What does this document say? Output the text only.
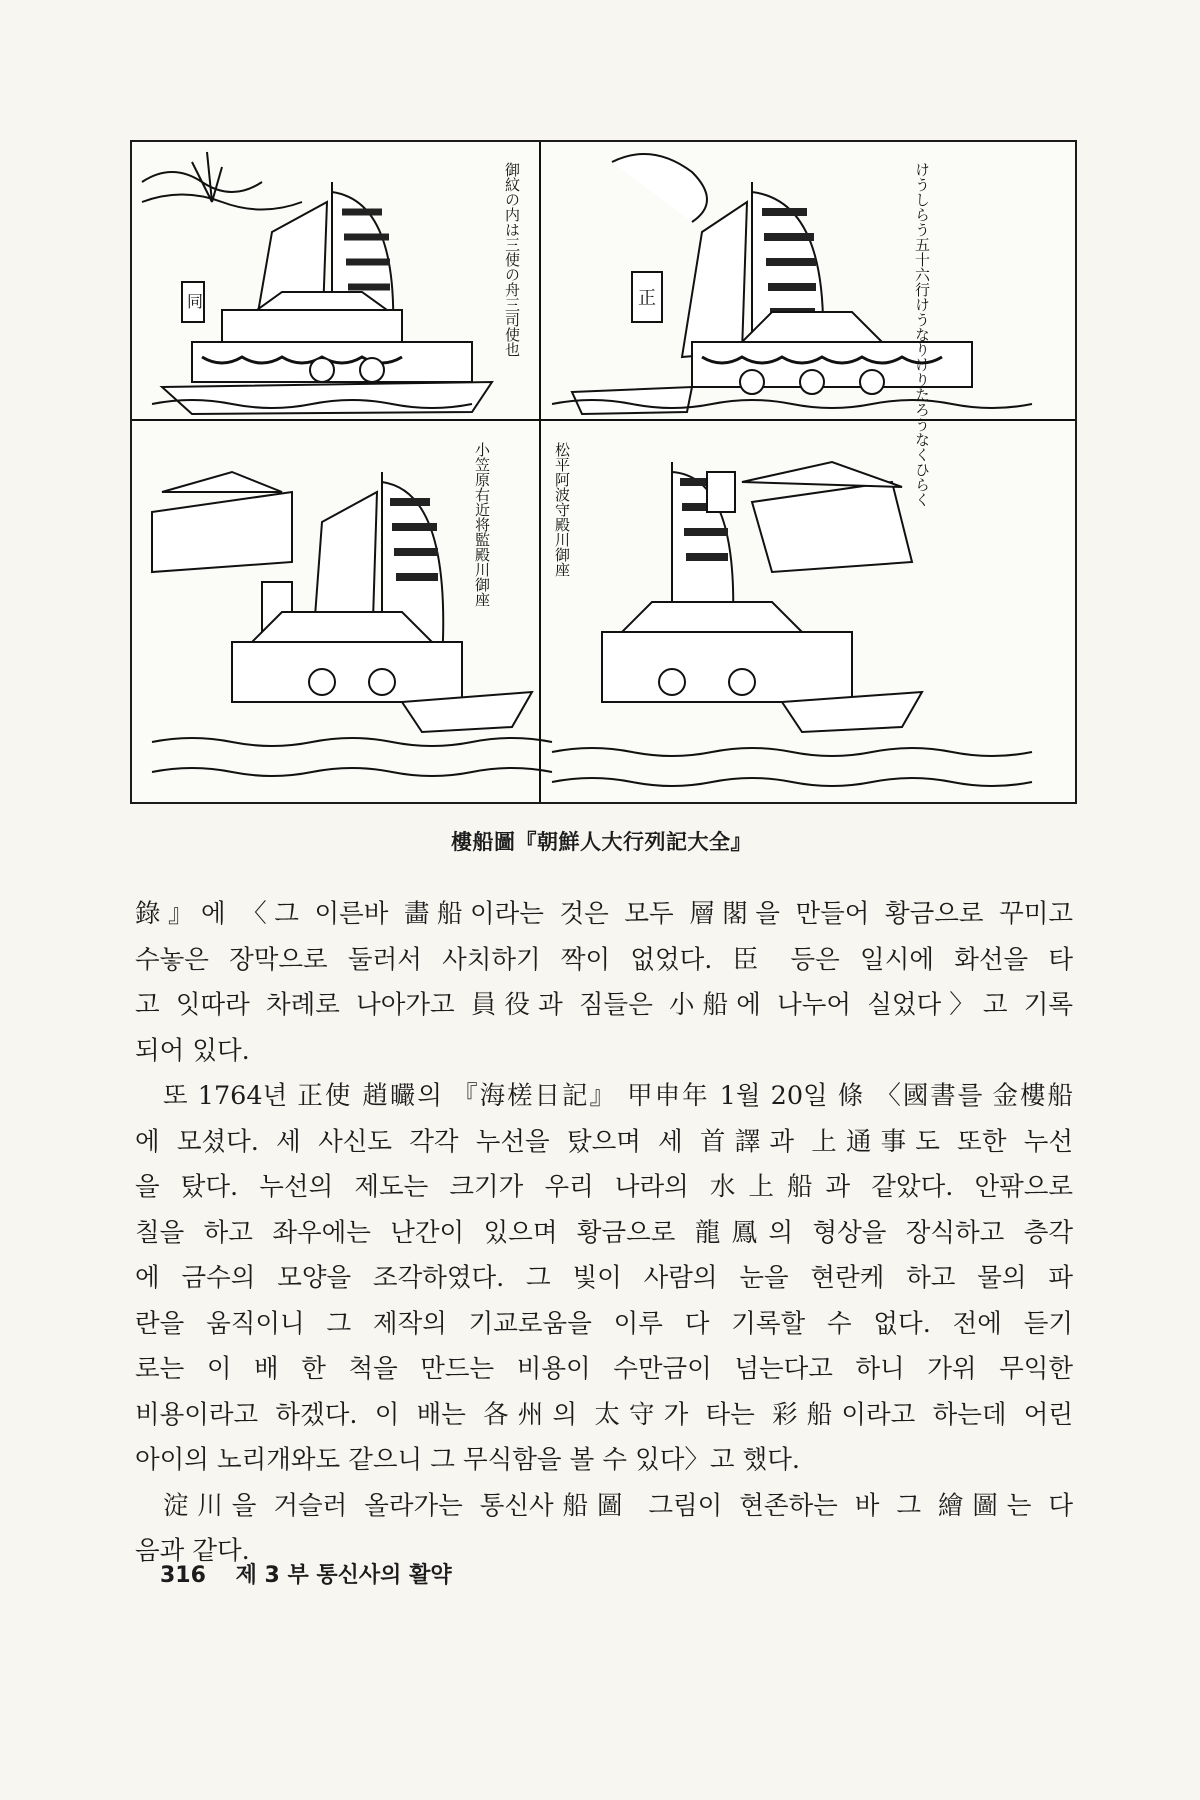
同	御紋の内は三使の舟三司使也	正	けうしらう五十六行けうなりけりたろうなくひらく
小笠原右近将監殿川御座	松平阿波守殿川御座
樓船圖『朝鮮人大行列記大全』
錄』에 〈그 이른바 畵船이라는 것은 모두 層閣을 만들어 황금으로 꾸미고
수놓은 장막으로 둘러서 사치하기 짝이 없었다. 臣 등은 일시에 화선을 타
고 잇따라 차례로 나아가고 員役과 짐들은 小船에 나누어 실었다〉고 기록
되어 있다.
또 1764년 正使 趙曮의 『海槎日記』 甲申年 1월 20일 條 〈國書를 金樓船
에 모셨다. 세 사신도 각각 누선을 탔으며 세 首譯과 上通事도 또한 누선
을 탔다. 누선의 제도는 크기가 우리 나라의 水上船과 같았다. 안팎으로
칠을 하고 좌우에는 난간이 있으며 황금으로 龍鳳의 형상을 장식하고 층각
에 금수의 모양을 조각하였다. 그 빛이 사람의 눈을 현란케 하고 물의 파
란을 움직이니 그 제작의 기교로움을 이루 다 기록할 수 없다. 전에 듣기
로는 이 배 한 척을 만드는 비용이 수만금이 넘는다고 하니 가위 무익한
비용이라고 하겠다. 이 배는 各州의 太守가 타는 彩船이라고 하는데 어린
아이의 노리개와도 같으니 그 무식함을 볼 수 있다〉고 했다.
淀川을 거슬러 올라가는 통신사船圖 그림이 현존하는 바 그 繪圖는 다
음과 같다.
316 제 3 부 통신사의 활약
